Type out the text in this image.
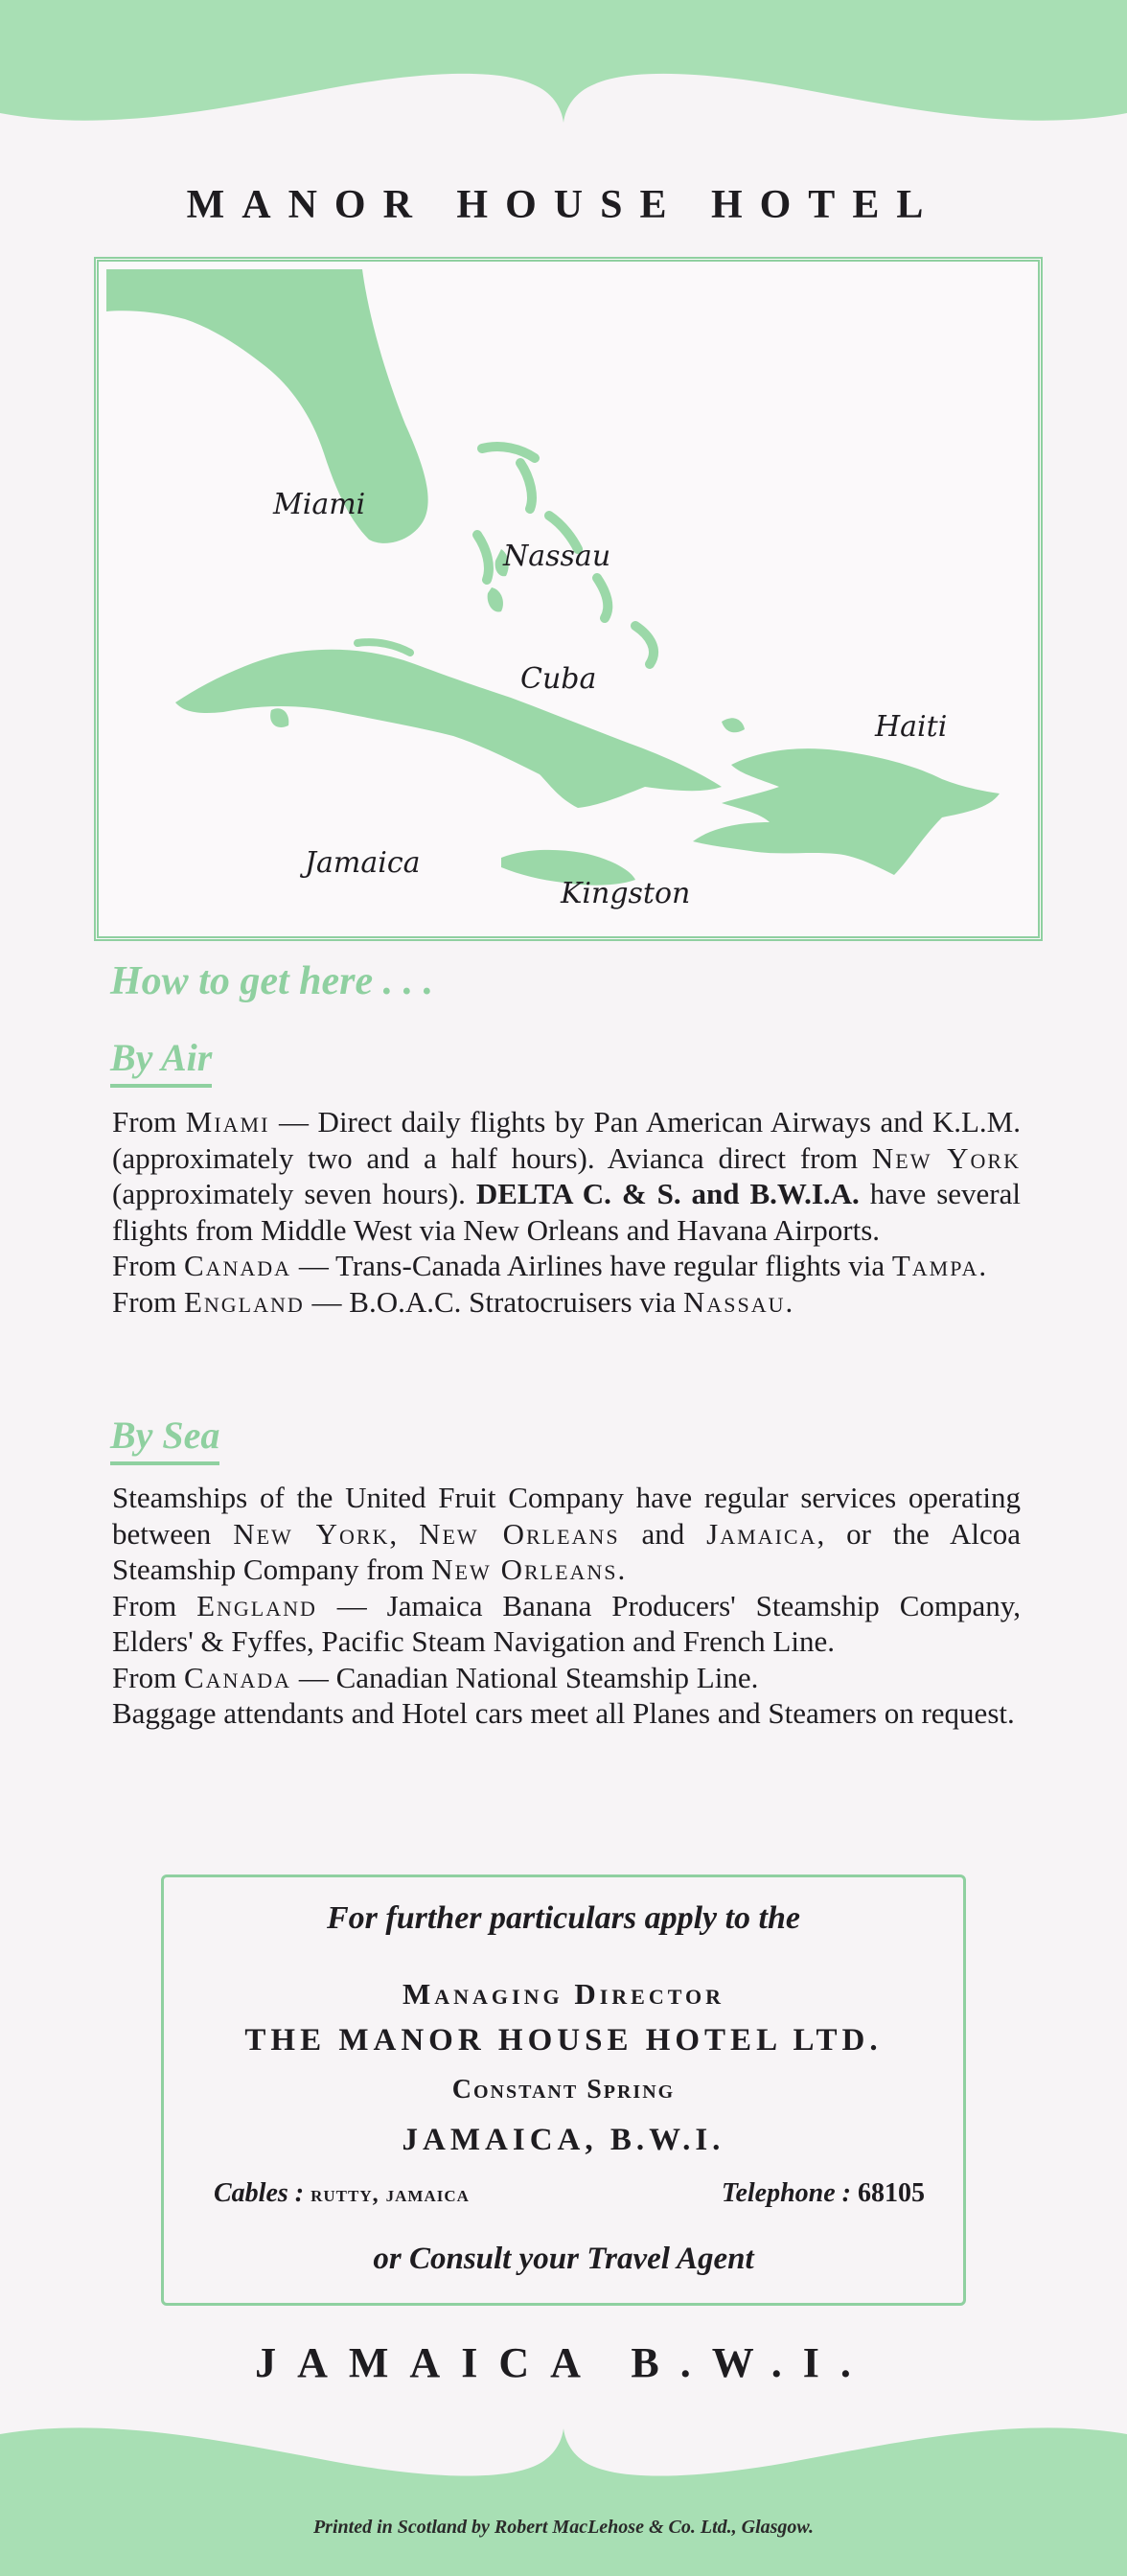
MANOR HOUSE HOTEL
Miami
Nassau
Cuba
Haiti
Jamaica
Kingston
How to get here . . .
By Air

From Miami — Direct daily flights by Pan American Airways and K.L.M. (approximately two and a half hours). Avianca direct from New York (approximately seven hours). DELTA C. & S. and B.W.I.A. have several flights from Middle West via New Orleans and Havana Airports.

From Canada — Trans-Canada Airlines have regular flights via Tampa.

From England — B.O.A.C. Stratocruisers via Nassau.

By Sea

Steamships of the United Fruit Company have regular services operating between New York, New Orleans and Jamaica, or the Alcoa Steamship Company from New Orleans.

From England — Jamaica Banana Producers' Steamship Company, Elders' & Fyffes, Pacific Steam Navigation and French Line.

From Canada — Canadian National Steamship Line.

Baggage attendants and Hotel cars meet all Planes and Steamers on request.

For further particulars apply to the
Managing Director
THE MANOR HOUSE HOTEL LTD.
Constant Spring
JAMAICA, B.W.I.
Cables : rutty, jamaica	Telephone : 68105
or Consult your Travel Agent
JAMAICA B.W.I.
Printed in Scotland by Robert MacLehose & Co. Ltd., Glasgow.
